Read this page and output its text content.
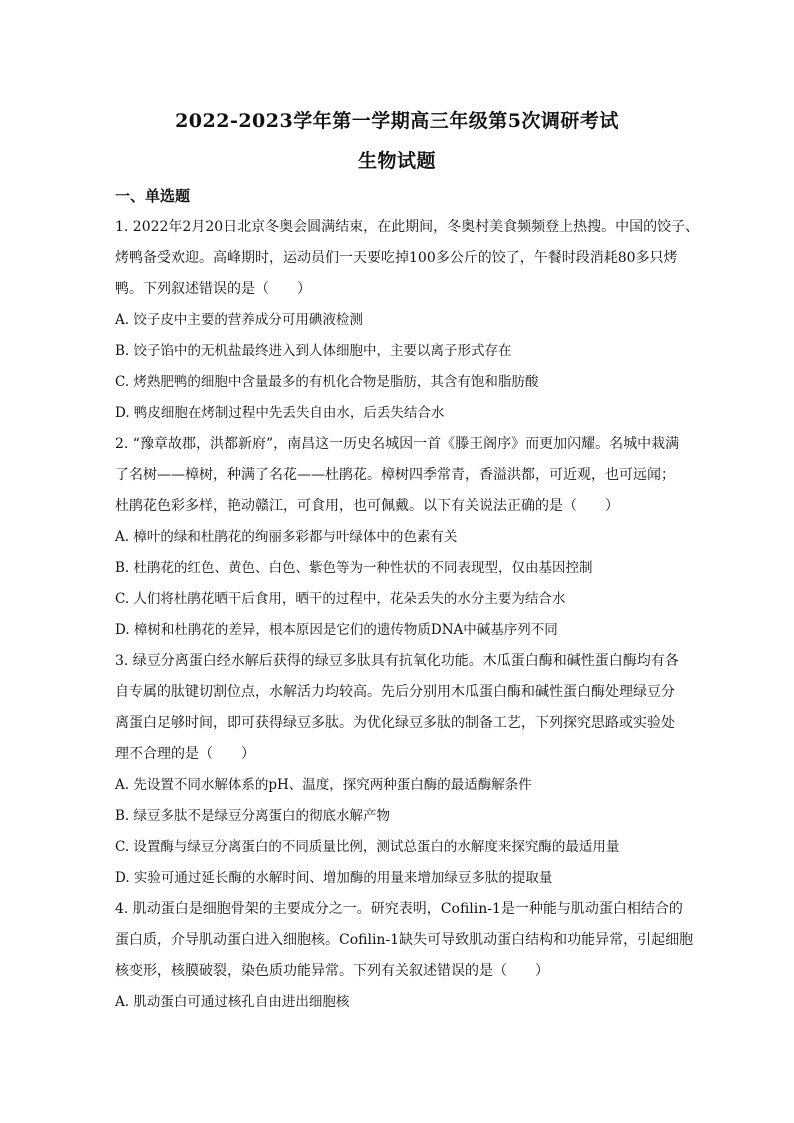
2022-2023学年第一学期高三年级第5次调研考试
生物试题
一、单选题
1. 2022年2月20日北京冬奥会圆满结束，在此期间，冬奥村美食频频登上热搜。中国的饺子、
烤鸭备受欢迎。高峰期时，运动员们一天要吃掉100多公斤的饺了，午餐时段消耗80多只烤
鸭。下列叙述错误的是（　　）
A. 饺子皮中主要的营养成分可用碘液检测
B. 饺子馅中的无机盐最终进入到人体细胞中，主要以离子形式存在
C. 烤熟肥鸭的细胞中含量最多的有机化合物是脂肪，其含有饱和脂肪酸
D. 鸭皮细胞在烤制过程中先丢失自由水，后丢失结合水
2. “豫章故郡，洪都新府”，南昌这一历史名城因一首《滕王阁序》而更加闪耀。名城中栽满
了名树——樟树，种满了名花——杜鹃花。樟树四季常青，香溢洪都，可近观，也可远闻；
杜鹃花色彩多样，艳动赣江，可食用，也可佩戴。以下有关说法正确的是（　　）
A. 樟叶的绿和杜鹃花的绚丽多彩都与叶绿体中的色素有关
B. 杜鹃花的红色、黄色、白色、紫色等为一种性状的不同表现型，仅由基因控制
C. 人们将杜鹃花晒干后食用，晒干的过程中，花朵丢失的水分主要为结合水
D. 樟树和杜鹃花的差异，根本原因是它们的遗传物质DNA中碱基序列不同
3. 绿豆分离蛋白经水解后获得的绿豆多肽具有抗氧化功能。木瓜蛋白酶和碱性蛋白酶均有各
自专属的肽键切割位点，水解活力均较高。先后分别用木瓜蛋白酶和碱性蛋白酶处理绿豆分
离蛋白足够时间，即可获得绿豆多肽。为优化绿豆多肽的制备工艺，下列探究思路或实验处
理不合理的是（　　）
A. 先设置不同水解体系的pH、温度，探究两种蛋白酶的最适酶解条件
B. 绿豆多肽不是绿豆分离蛋白的彻底水解产物
C. 设置酶与绿豆分离蛋白的不同质量比例，测试总蛋白的水解度来探究酶的最适用量
D. 实验可通过延长酶的水解时间、增加酶的用量来增加绿豆多肽的提取量
4. 肌动蛋白是细胞骨架的主要成分之一。研究表明，Cofilin-1是一种能与肌动蛋白相结合的
蛋白质，介导肌动蛋白进入细胞核。Cofilin-1缺失可导致肌动蛋白结构和功能异常，引起细胞
核变形，核膜破裂，染色质功能异常。下列有关叙述错误的是（　　）
A. 肌动蛋白可通过核孔自由进出细胞核
